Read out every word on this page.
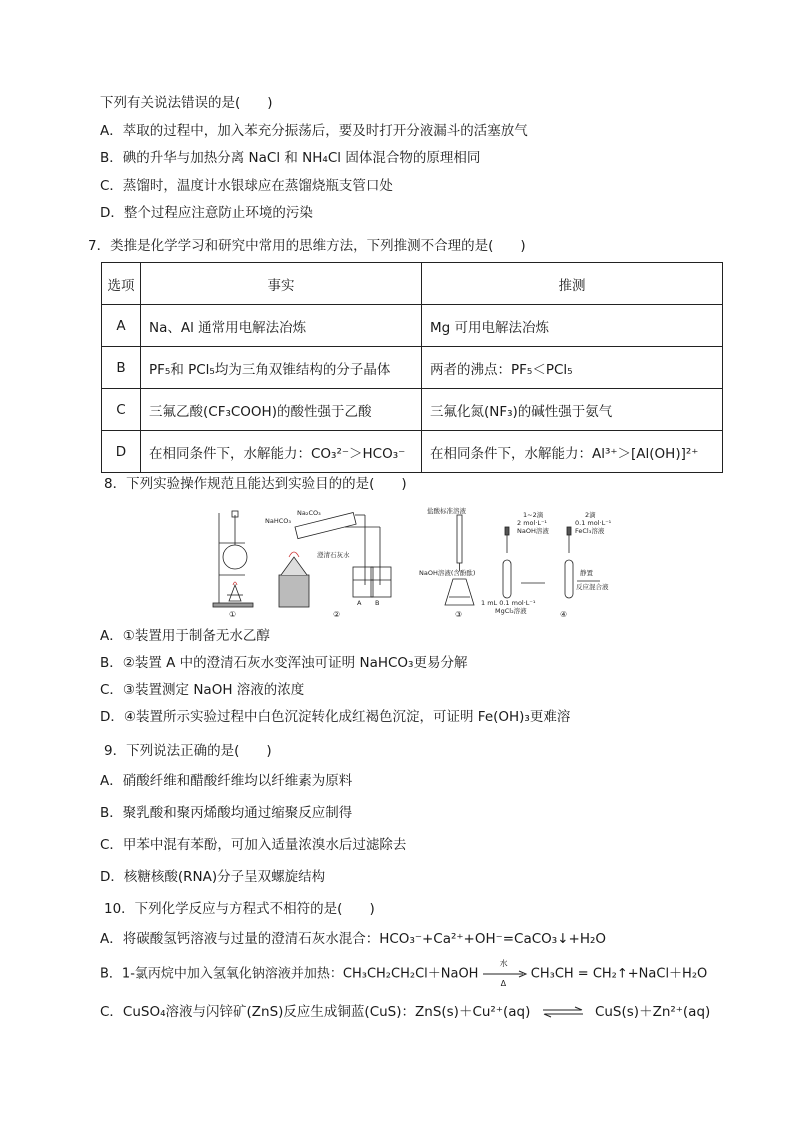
下列有关说法错误的是(　　)
A．萃取的过程中，加入苯充分振荡后，要及时打开分液漏斗的活塞放气
B．碘的升华与加热分离 NaCl 和 NH₄Cl 固体混合物的原理相同
C．蒸馏时，温度计水银球应在蒸馏烧瓶支管口处
D．整个过程应注意防止环境的污染
7．类推是化学学习和研究中常用的思维方法，下列推测不合理的是(　　)
选项	事实	推测
A	Na、Al 通常用电解法冶炼	Mg 可用电解法冶炼
B	PF₅和 PCl₅均为三角双锥结构的分子晶体	两者的沸点：PF₅＜PCl₅
C	三氟乙酸(CF₃COOH)的酸性强于乙酸	三氟化氮(NF₃)的碱性强于氨气
D	在相同条件下，水解能力：CO₃²⁻＞HCO₃⁻	在相同条件下，水解能力：Al³⁺＞[Al(OH)]²⁺
8．下列实验操作规范且能达到实验目的的是(　　)
NaHCO₃
Na₂CO₃
澄清石灰水
A B
盐酸标准溶液
NaOH溶液(含酚酞)
1~2滴
2 mol·L⁻¹
NaOH溶液
2滴
0.1 mol·L⁻¹
FeCl₃溶液
1 mL 0.1 mol·L⁻¹
MgCl₂溶液
静置
反应混合液
①	②	③	④
A．①装置用于制备无水乙醇
B．②装置 A 中的澄清石灰水变浑浊可证明 NaHCO₃更易分解
C．③装置测定 NaOH 溶液的浓度
D．④装置所示实验过程中白色沉淀转化成红褐色沉淀，可证明 Fe(OH)₃更难溶
9．下列说法正确的是(　　)
A．硝酸纤维和醋酸纤维均以纤维素为原料
B．聚乳酸和聚丙烯酸均通过缩聚反应制得
C．甲苯中混有苯酚，可加入适量浓溴水后过滤除去
D．核糖核酸(RNA)分子呈双螺旋结构
10．下列化学反应与方程式不相符的是(　　)
A．将碳酸氢钙溶液与过量的澄清石灰水混合：HCO₃⁻+Ca²⁺+OH⁻=CaCO₃↓+H₂O
B．1-氯丙烷中加入氢氧化钠溶液并加热：CH₃CH₂CH₂Cl＋NaOH
水
Δ
CH₃CH = CH₂↑+NaCl＋H₂O
C．CuSO₄溶液与闪锌矿(ZnS)反应生成铜蓝(CuS)：ZnS(s)＋Cu²⁺(aq) ⇌ CuS(s)＋Zn²⁺(aq)
